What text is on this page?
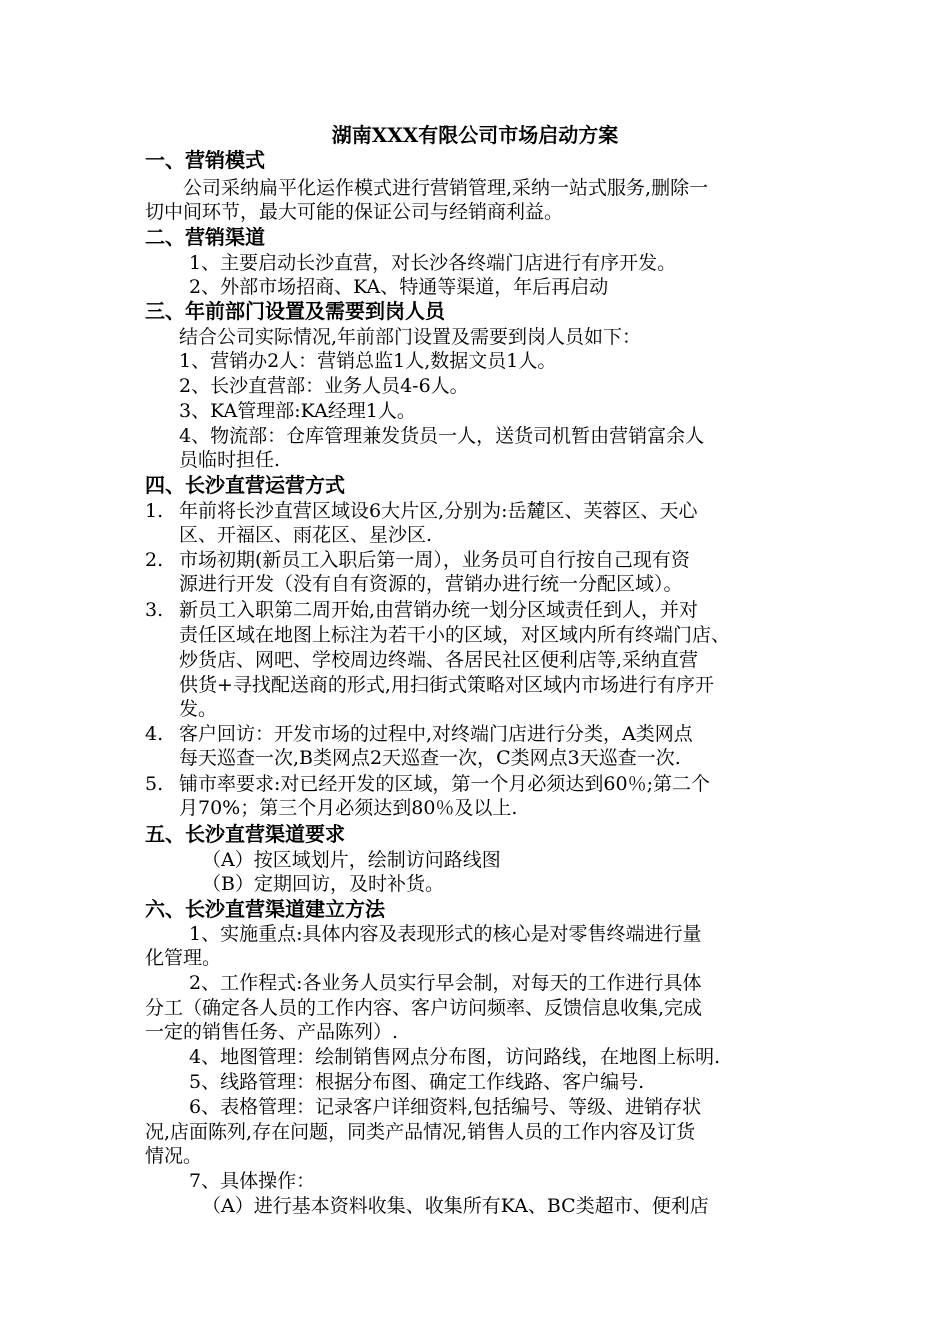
湖南XXX有限公司市场启动方案
一、营销模式
公司采纳扁平化运作模式进行营销管理,采纳一站式服务,删除一
切中间环节，最大可能的保证公司与经销商利益。
二、营销渠道
1、主要启动长沙直营，对长沙各终端门店进行有序开发。
2、外部市场招商、KA、特通等渠道，年后再启动
三、年前部门设置及需要到岗人员
结合公司实际情况,年前部门设置及需要到岗人员如下：
1、营销办2人：营销总监1人,数据文员1人。
2、长沙直营部：业务人员4-6人。
3、KA管理部:KA经理1人。
4、物流部：仓库管理兼发货员一人，送货司机暂由营销富余人
员临时担任.
四、长沙直营运营方式
1. 年前将长沙直营区域设6大片区,分别为:岳麓区、芙蓉区、天心
区、开福区、雨花区、星沙区.
2. 市场初期(新员工入职后第一周），业务员可自行按自己现有资
源进行开发（没有自有资源的，营销办进行统一分配区域）。
3. 新员工入职第二周开始,由营销办统一划分区域责任到人，并对
责任区域在地图上标注为若干小的区域，对区域内所有终端门店、
炒货店、网吧、学校周边终端、各居民社区便利店等,采纳直营
供货+寻找配送商的形式,用扫街式策略对区域内市场进行有序开
发。
4. 客户回访：开发市场的过程中,对终端门店进行分类，A类网点
每天巡查一次,B类网点2天巡查一次，C类网点3天巡查一次.
5. 铺市率要求:对已经开发的区域，第一个月必须达到60％;第二个
月70%；第三个月必须达到80％及以上.
五、长沙直营渠道要求
（A）按区域划片，绘制访问路线图
（B）定期回访，及时补货。
六、长沙直营渠道建立方法
1、实施重点:具体内容及表现形式的核心是对零售终端进行量
化管理。
2、工作程式:各业务人员实行早会制，对每天的工作进行具体
分工（确定各人员的工作内容、客户访问频率、反馈信息收集,完成
一定的销售任务、产品陈列）.
4、地图管理：绘制销售网点分布图，访问路线，在地图上标明.
5、线路管理：根据分布图、确定工作线路、客户编号.
6、表格管理：记录客户详细资料,包括编号、等级、进销存状
况,店面陈列,存在问题，同类产品情况,销售人员的工作内容及订货
情况。
7、具体操作：
（A）进行基本资料收集、收集所有KA、BC类超市、便利店
